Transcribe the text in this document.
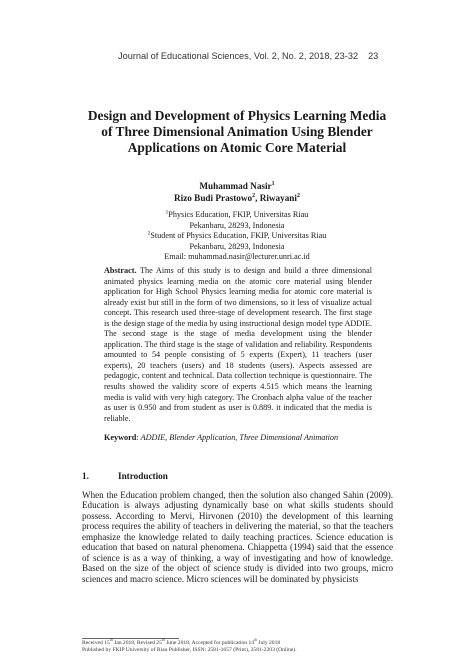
Journal of Educational Sciences, Vol. 2, No. 2, 2018, 23-32 23
Design and Development of Physics Learning Media
of Three Dimensional Animation Using Blender
Applications on Atomic Core Material
Muhammad Nasir$^1$
Rizo Budi Prastowo$^2$, Riwayani$^2$
$^1$Physics Education, FKIP, Universitas Riau
Pekanbaru, 28293, Indonesia
$^2$Student of Physics Education, FKIP, Universitas Riau
Pekanbaru, 28293, Indonesia
Email: muhammad.nasir@lecturer.unri.ac.id
Abstract. The Aims of this study is to design and build a three dimensional animated physics learning media on the atomic core material using blender application for High School Physics learning media for atomic core material is already exist but still in the form of two dimensions, so it less of visualize actual concept. This research used three-stage of development research. The first stage is the design stage of the media by using instructional design model type ADDIE. The second stage is the stage of media development using the blender application. The third stage is the stage of validation and reliability. Respondents amounted to 54 people consisting of 5 experts (Expert), 11 teachers (user experts), 20 teachers (users) and 18 students (users). Aspects assessed are pedagogic, content and technical. Data collection technique is questionnaire. The results showed the validity score of experts 4.515 which means the learning media is valid with very high category. The Cronbach alpha value of the teacher as user is 0.950 and from student as user is 0.889. it indicated that the media is reliable.
Keyword: ADDIE, Blender Application, Three Dimensional Animation
1.	Introduction
When the Education problem changed, then the solution also changed Sahin (2009). Education is always adjusting dynamically base on what skills students should possess. According to Mervi, Hirvonen (2010) the development of this learning process requires the ability of teachers in delivering the material, so that the teachers emphasize the knowledge related to daily teaching practices. Science education is education that based on natural phenomena. Chiappetta (1994) said that the essence of science is as a way of thinking, a way of investigating and how of knowledge. Based on the size of the object of science study is divided into two groups, micro sciences and macro science. Micro sciences will be dominated by physicists
Received 15th Jan 2018, Revised 25th June 2018, Accepted for publication 14th July 2018
Published by FKIP University of Riau Publisher, ISSN: 2581-1657 (Print), 2581-2203 (Online).
